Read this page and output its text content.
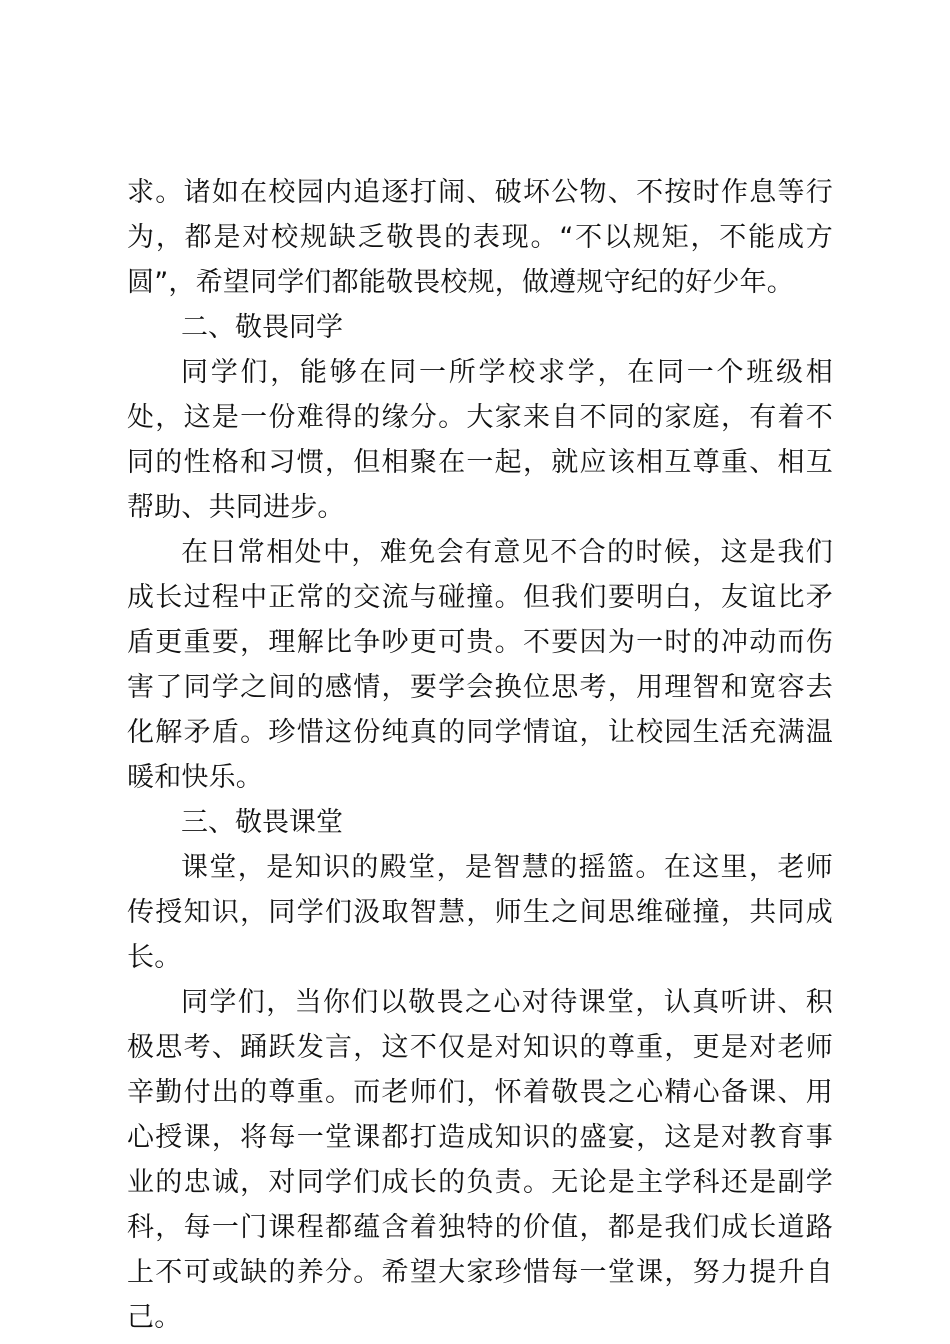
求。诸如在校园内追逐打闹、破坏公物、不按时作息等行为，都是对校规缺乏敬畏的表现。“不以规矩，不能成方圆”，希望同学们都能敬畏校规，做遵规守纪的好少年。

二、敬畏同学

同学们，能够在同一所学校求学，在同一个班级相处，这是一份难得的缘分。大家来自不同的家庭，有着不同的性格和习惯，但相聚在一起，就应该相互尊重、相互帮助、共同进步。

在日常相处中，难免会有意见不合的时候，这是我们成长过程中正常的交流与碰撞。但我们要明白，友谊比矛盾更重要，理解比争吵更可贵。不要因为一时的冲动而伤害了同学之间的感情，要学会换位思考，用理智和宽容去化解矛盾。珍惜这份纯真的同学情谊，让校园生活充满温暖和快乐。

三、敬畏课堂

课堂，是知识的殿堂，是智慧的摇篮。在这里，老师传授知识，同学们汲取智慧，师生之间思维碰撞，共同成长。

同学们，当你们以敬畏之心对待课堂，认真听讲、积极思考、踊跃发言，这不仅是对知识的尊重，更是对老师辛勤付出的尊重。而老师们，怀着敬畏之心精心备课、用心授课，将每一堂课都打造成知识的盛宴，这是对教育事业的忠诚，对同学们成长的负责。无论是主学科还是副学科，每一门课程都蕴含着独特的价值，都是我们成长道路上不可或缺的养分。希望大家珍惜每一堂课，努力提升自己。
